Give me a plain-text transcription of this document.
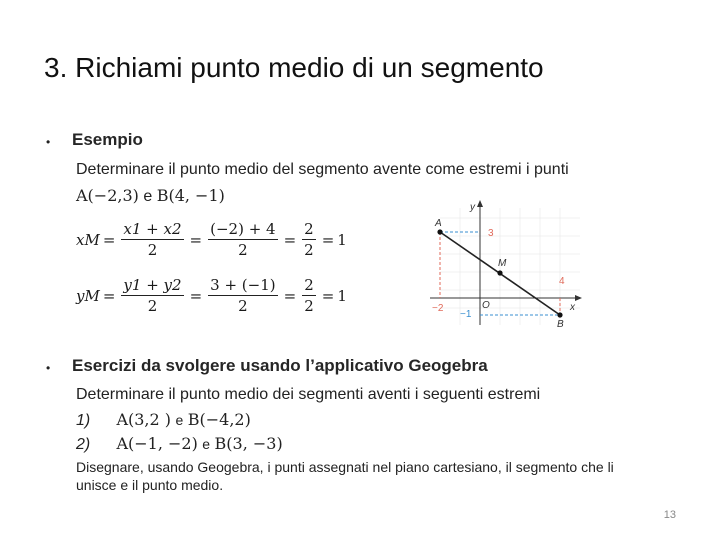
3. Richiami punto medio di un segmento
• Esempio
Determinare il punto medio del segmento avente come estremi i punti
A(−2,3) e B(4, −1)
xM = $\frac{x1 + x2}{2} = \frac{(-2) + 4}{2} = \frac{2}{2} = 1$
yM = $\frac{y1 + y2}{2} = \frac{3 + (-1)}{2} = \frac{2}{2} = 1$
y
x
O
A
M
B
3
4
−2
−1
• Esercizi da svolgere usando l’applicativo Geogebra
Determinare il punto medio dei segmenti aventi i seguenti estremi
1) A(3,2 ) e B(−4,2)
2) A(−1, −2) e B(3, −3)
Disegnare, usando Geogebra, i punti assegnati nel piano cartesiano, il segmento che li
unisce e il punto medio.
13
